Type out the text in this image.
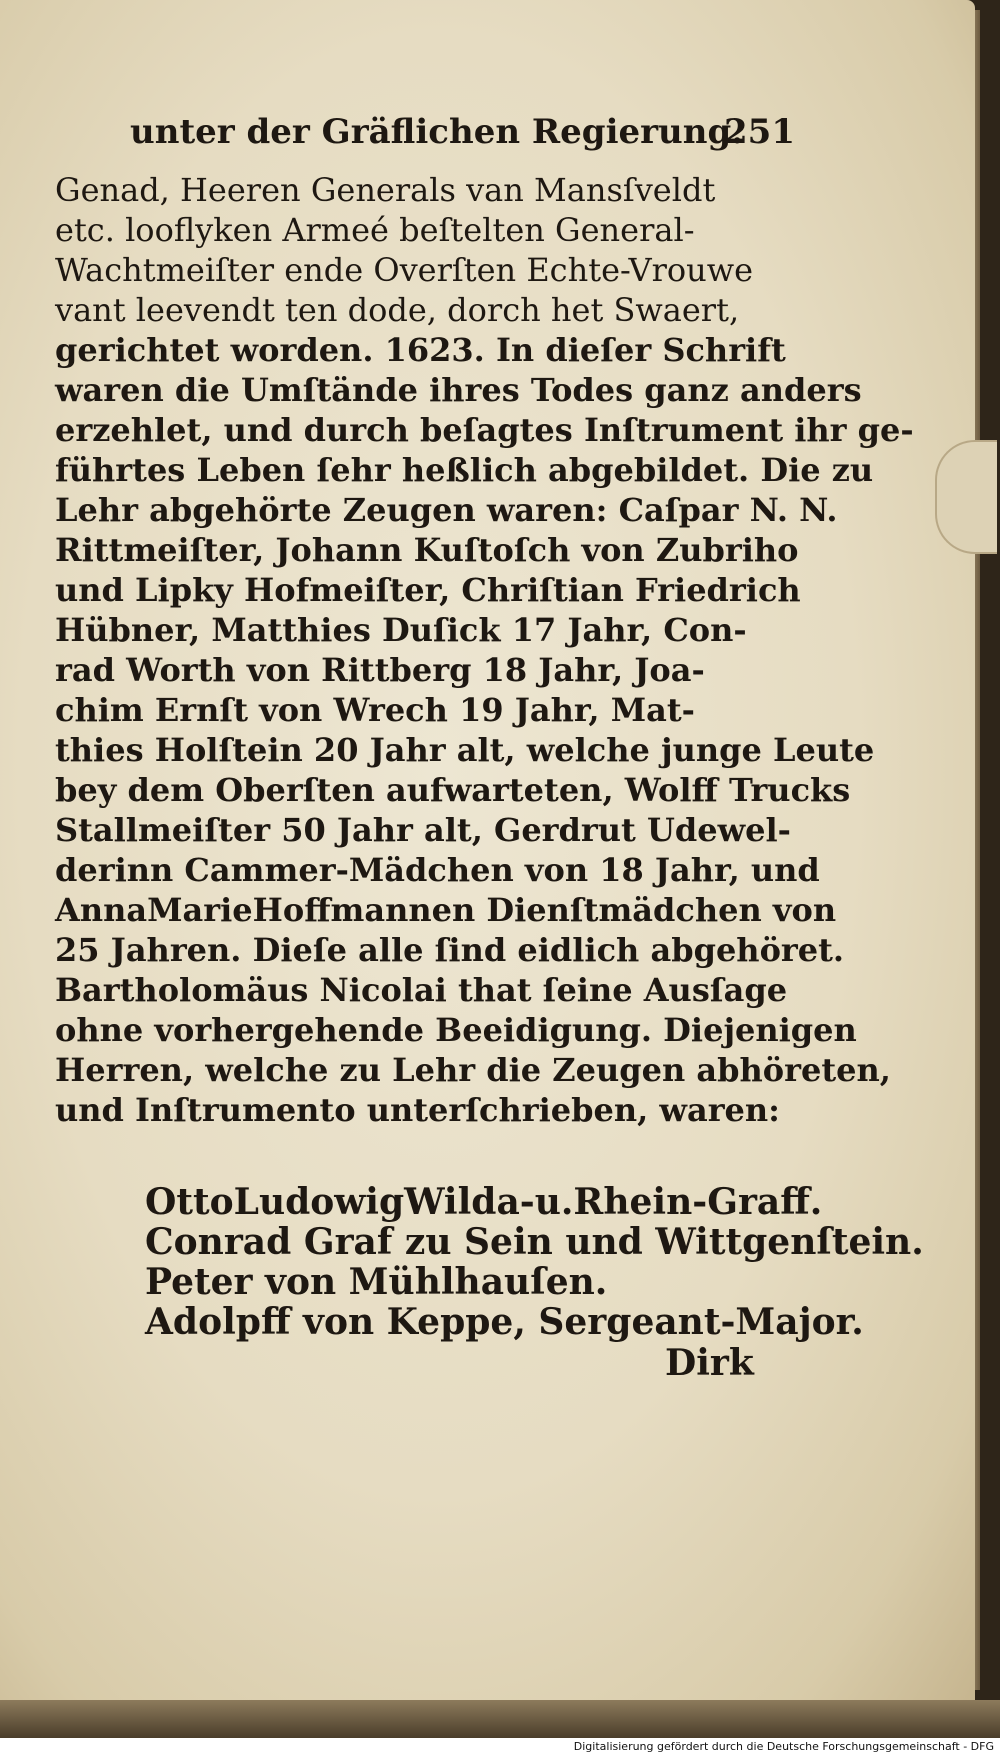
unter der Gräflichen Regierung.
251
Genad, Heeren Generals van Mansſveldt
etc. looflyken Armeé beſtelten General-
Wachtmeiſter ende Overſten Echte-Vrouwe
vant leevendt ten dode, dorch het Swaert,
gerichtet worden. 1623. In dieſer Schrift
waren die Umſtände ihres Todes ganz anders
erzehlet, und durch beſagtes Inſtrument ihr ge-
führtes Leben ſehr heßlich abgebildet. Die zu
Lehr abgehörte Zeugen waren: Caſpar N. N.
Rittmeiſter, Johann Kuſtoſch von Zubriho
und Lipky Hofmeiſter, Chriſtian Friedrich
Hübner, Matthies Duſick 17 Jahr, Con-
rad Worth von Rittberg 18 Jahr, Joa-
chim Ernſt von Wrech 19 Jahr, Mat-
thies Holſtein 20 Jahr alt, welche junge Leute
bey dem Oberſten aufwarteten, Wolff Trucks
Stallmeiſter 50 Jahr alt, Gerdrut Udewel-
derinn Cammer-Mädchen von 18 Jahr, und
AnnaMarieHoffmannen Dienſtmädchen von
25 Jahren. Dieſe alle ſind eidlich abgehöret.
Bartholomäus Nicolai that ſeine Ausſage
ohne vorhergehende Beeidigung. Diejenigen
Herren, welche zu Lehr die Zeugen abhöreten,
und Inſtrumento unterſchrieben, waren:
OttoLudowigWilda-u.Rhein-Graff.
Conrad Graf zu Sein und Wittgenſtein.
Peter von Mühlhauſen.
Adolpff von Keppe, Sergeant-Major.
Dirk
Digitalisierung gefördert durch die Deutsche Forschungsgemeinschaft - DFG
